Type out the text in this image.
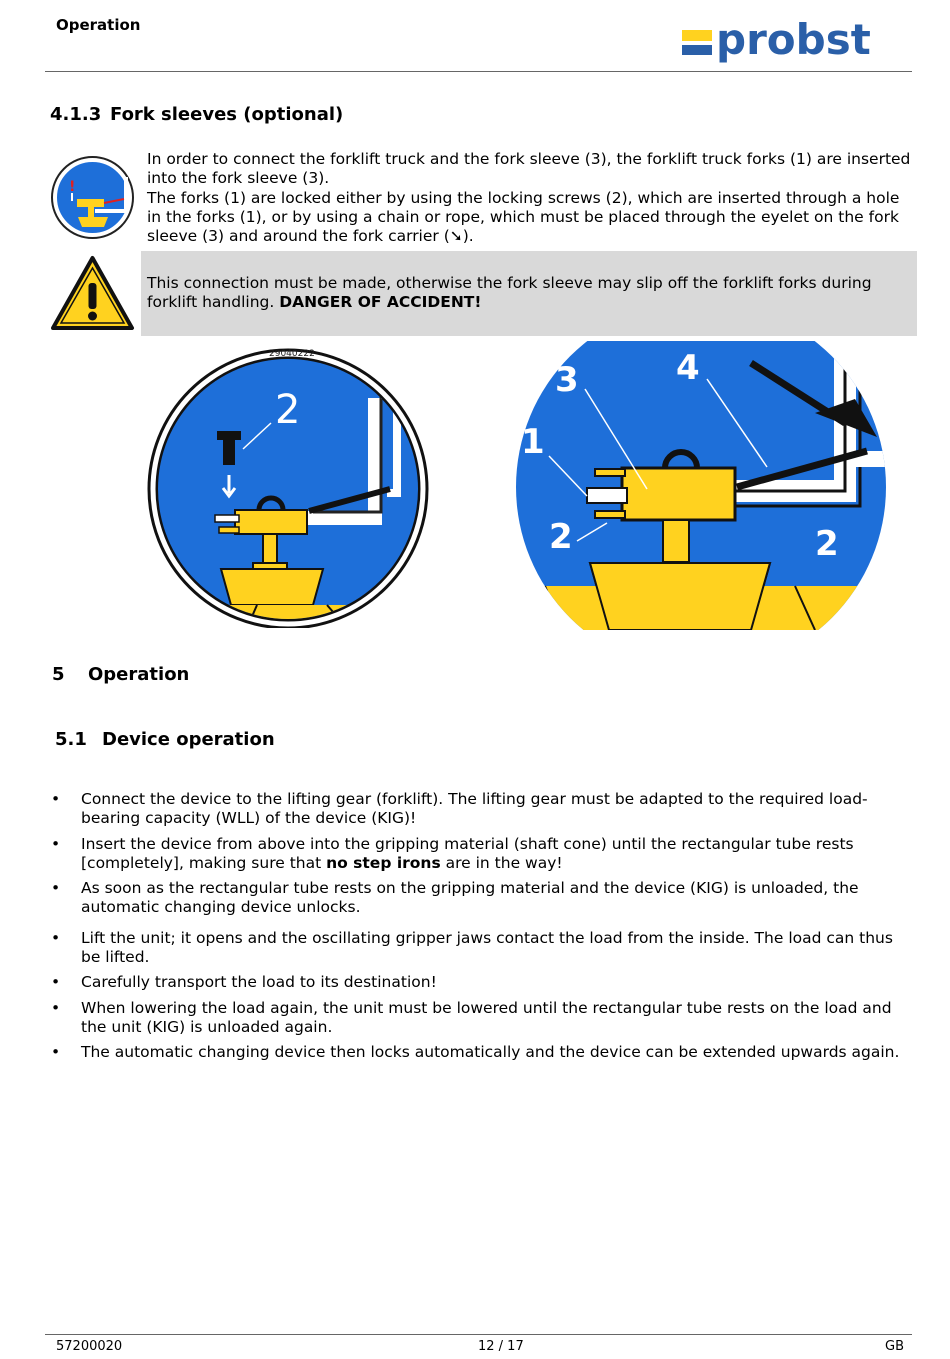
Operation	probst
4.1.3 Fork sleeves (optional)
!
In order to connect the forklift truck and the fork sleeve (3), the forklift truck forks (1) are inserted into the fork sleeve (3).
The forks (1) are locked either by using the locking screws (2), which are inserted through a hole in the forks (1), or by using a chain or rope, which must be placed through the eyelet on the fork sleeve (3) and around the fork carrier (➘).
This connection must be made, otherwise the fork sleeve may slip off the forklift forks during forklift handling. DANGER OF ACCIDENT!
29040222
2
1
2
3	4
2
5 Operation
5.1 Device operation
• Connect the device to the lifting gear (forklift). The lifting gear must be adapted to the required load-bearing capacity (WLL) of the device (KIG)!
• Insert the device from above into the gripping material (shaft cone) until the rectangular tube rests [completely], making sure that no step irons are in the way!
• As soon as the rectangular tube rests on the gripping material and the device (KIG) is unloaded, the automatic changing device unlocks.
• Lift the unit; it opens and the oscillating gripper jaws contact the load from the inside. The load can thus be lifted.
• Carefully transport the load to its destination!
• When lowering the load again, the unit must be lowered until the rectangular tube rests on the load and the unit (KIG) is unloaded again.
• The automatic changing device then locks automatically and the device can be extended upwards again.
57200020	12 / 17	GB
